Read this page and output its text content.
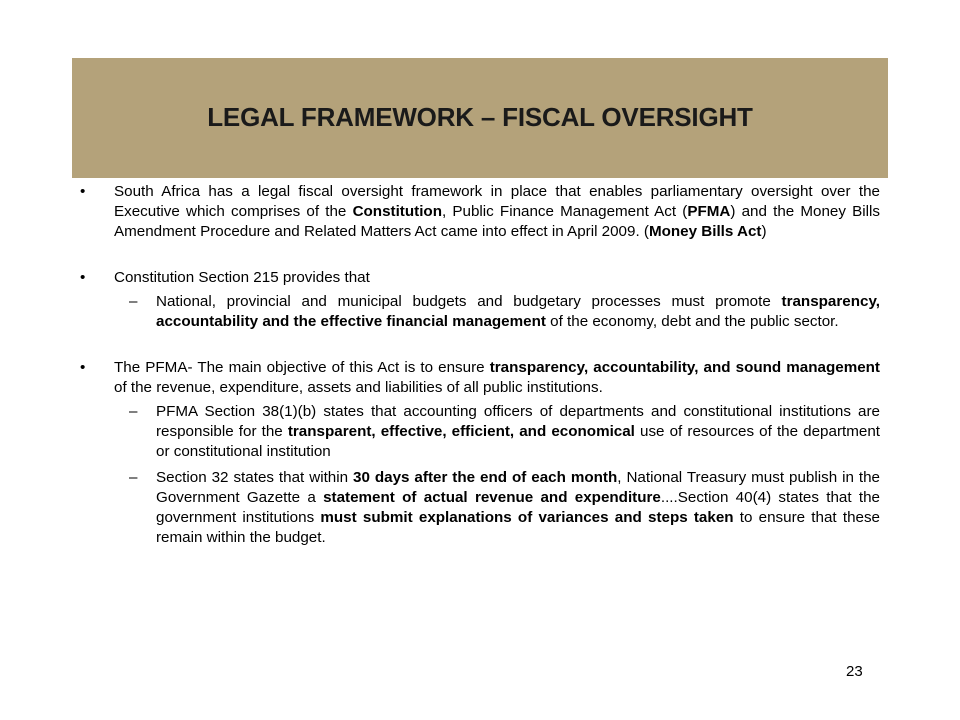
LEGAL FRAMEWORK – FISCAL OVERSIGHT
• South Africa has a legal fiscal oversight framework in place that enables parliamentary oversight over the Executive which comprises of the Constitution, Public Finance Management Act (PFMA) and the Money Bills Amendment Procedure and Related Matters Act came into effect in April 2009. (Money Bills Act)
• Constitution Section 215 provides that
– National, provincial and municipal budgets and budgetary processes must promote transparency, accountability and the effective financial management of the economy, debt and the public sector.
• The PFMA- The main objective of this Act is to ensure transparency, accountability, and sound management of the revenue, expenditure, assets and liabilities of all public institutions.
– PFMA Section 38(1)(b) states that accounting officers of departments and constitutional institutions are responsible for the transparent, effective, efficient, and economical use of resources of the department or constitutional institution
– Section 32 states that within 30 days after the end of each month, National Treasury must publish in the Government Gazette a statement of actual revenue and expenditure....Section 40(4) states that the government institutions must submit explanations of variances and steps taken to ensure that these remain within the budget.
23
